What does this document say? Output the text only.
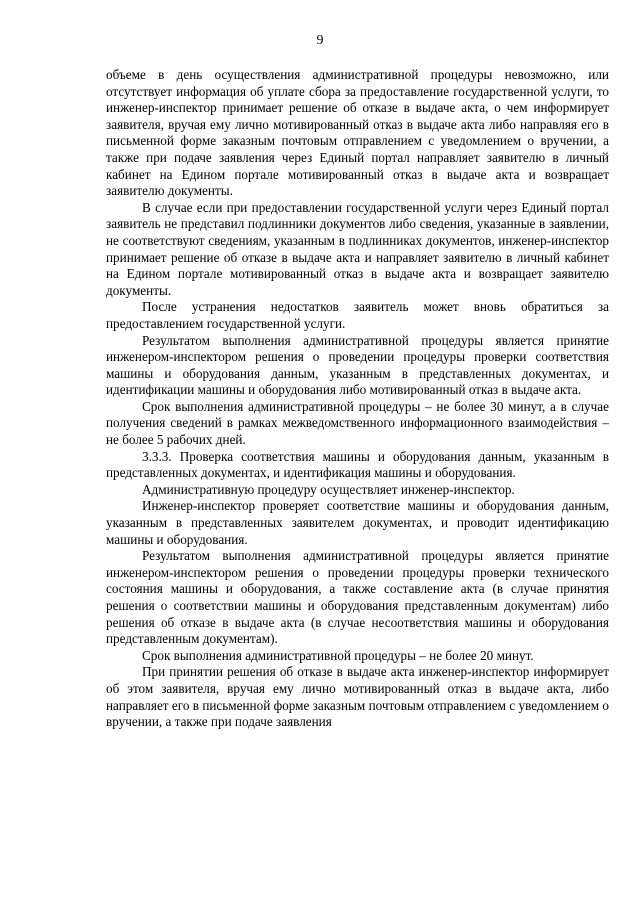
9

объеме в день осуществления административной процедуры невозможно, или отсутствует информация об уплате сбора за предоставление государственной услуги, то инженер-инспектор принимает решение об отказе в выдаче акта, о чем информирует заявителя, вручая ему лично мотивированный отказ в выдаче акта либо направляя его в письменной форме заказным почтовым отправлением с уведомлением о вручении, а также при подаче заявления через Единый портал направляет заявителю в личный кабинет на Едином портале мотивированный отказ в выдаче акта и возвращает заявителю документы.

В случае если при предоставлении государственной услуги через Единый портал заявитель не представил подлинники документов либо сведения, указанные в заявлении, не соответствуют сведениям, указанным в подлинниках документов, инженер-инспектор принимает решение об отказе в выдаче акта и направляет заявителю в личный кабинет на Едином портале мотивированный отказ в выдаче акта и возвращает заявителю документы.

После устранения недостатков заявитель может вновь обратиться за предоставлением государственной услуги.

Результатом выполнения административной процедуры является принятие инженером-инспектором решения о проведении процедуры проверки соответствия машины и оборудования данным, указанным в представленных документах, и идентификации машины и оборудования либо мотивированный отказ в выдаче акта.

Срок выполнения административной процедуры – не более 30 минут, а в случае получения сведений в рамках межведомственного информационного взаимодействия – не более 5 рабочих дней.

3.3.3. Проверка соответствия машины и оборудования данным, указанным в представленных документах, и идентификация машины и оборудования.

Административную процедуру осуществляет инженер-инспектор.

Инженер-инспектор проверяет соответствие машины и оборудования данным, указанным в представленных заявителем документах, и проводит идентификацию машины и оборудования.

Результатом выполнения административной процедуры является принятие инженером-инспектором решения о проведении процедуры проверки технического состояния машины и оборудования, а также составление акта (в случае принятия решения о соответствии машины и оборудования представленным документам) либо решения об отказе в выдаче акта (в случае несоответствия машины и оборудования представленным документам).

Срок выполнения административной процедуры – не более 20 минут.

При принятии решения об отказе в выдаче акта инженер-инспектор информирует об этом заявителя, вручая ему лично мотивированный отказ в выдаче акта, либо направляет его в письменной форме заказным почтовым отправлением с уведомлением о вручении, а также при подаче заявления
